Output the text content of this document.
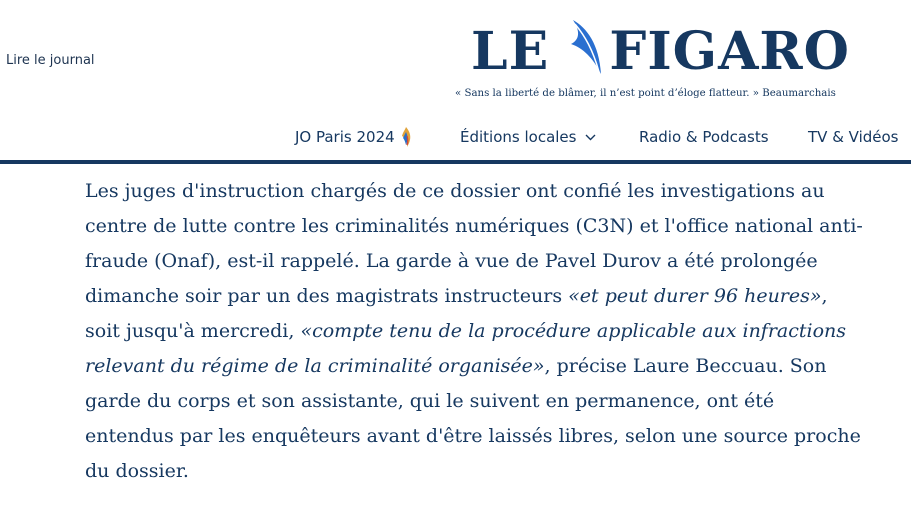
Lire le journal	LE FIGARO
« Sans la liberté de blâmer, il n’est point d’éloge flatteur. » Beaumarchais
JO Paris 2024	Éditions locales	Radio & Podcasts	TV & Vidéos

Les juges d'instruction chargés de ce dossier ont confié les investigations au centre de lutte contre les criminalités numériques (C3N) et l'office national anti-fraude (Onaf), est-il rappelé. La garde à vue de Pavel Durov a été prolongée dimanche soir par un des magistrats instructeurs «et peut durer 96 heures», soit jusqu'à mercredi, «compte tenu de la procédure applicable aux infractions relevant du régime de la criminalité organisée», précise Laure Beccuau. Son garde du corps et son assistante, qui le suivent en permanence, ont été entendus par les enquêteurs avant d'être laissés libres, selon une source proche du dossier.
